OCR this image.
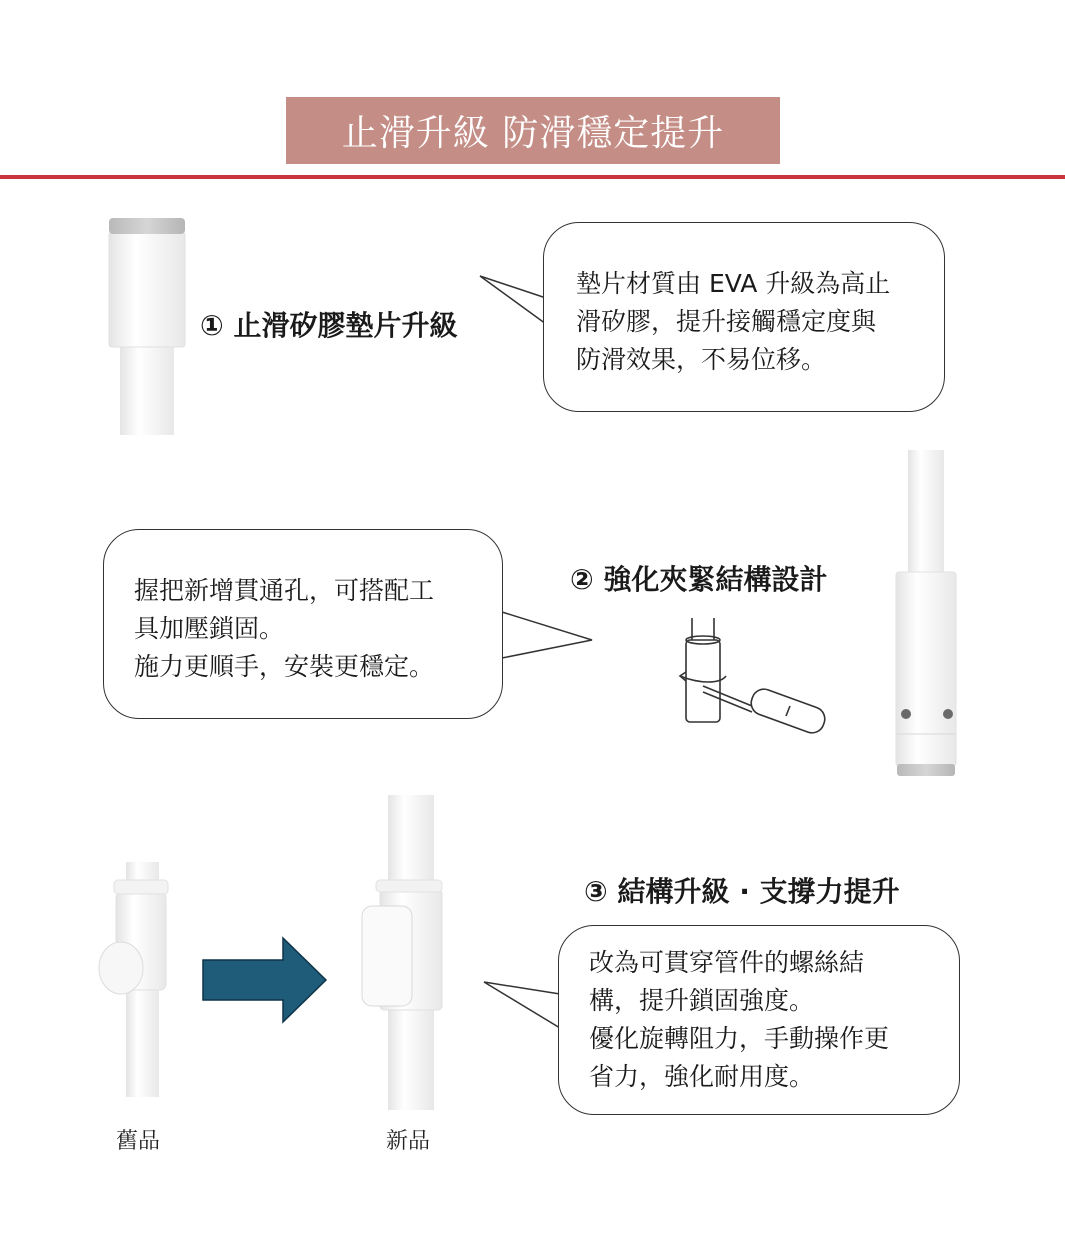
止滑升級 防滑穩定提升
① 止滑矽膠墊片升級
墊片材質由 EVA 升級為高止
滑矽膠，提升接觸穩定度與
防滑效果，不易位移。

握把新增貫通孔，可搭配工

具加壓鎖固。

施力更順手，安裝更穩定。

② 強化夾緊結構設計
③ 結構升級 · 支撐力提升

改為可貫穿管件的螺絲結

構，提升鎖固強度。

優化旋轉阻力，手動操作更

省力，強化耐用度。

舊品	新品
